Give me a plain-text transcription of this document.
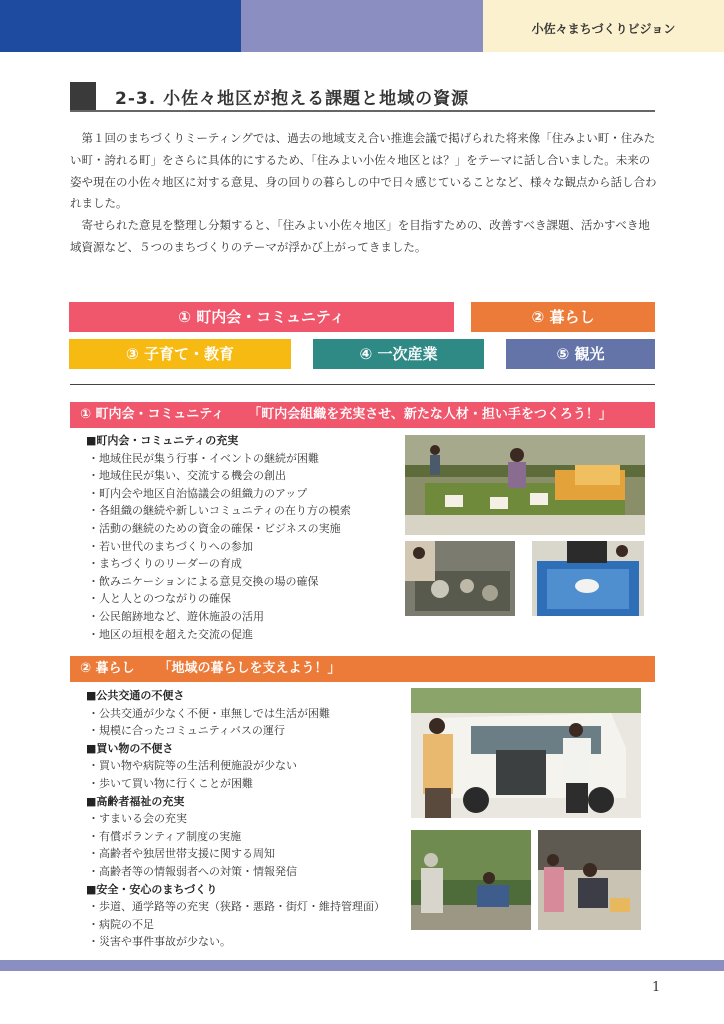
小佐々まちづくりビジョン
2-3. 小佐々地区が抱える課題と地域の資源

第１回のまちづくりミーティングでは、過去の地域支え合い推進会議で掲げられた将来像「住みよい町・住みたい町・誇れる町」をさらに具体的にするため、「住みよい小佐々地区とは？」をテーマに話し合いました。未来の姿や現在の小佐々地区に対する意見、身の回りの暮らしの中で日々感じていることなど、様々な観点から話し合われました。

寄せられた意見を整理し分類すると、「住みよい小佐々地区」を目指すための、改善すべき課題、活かすべき地域資源など、５つのまちづくりのテーマが浮かび上がってきました。

① 町内会・コミュニティ	② 暮らし
③ 子育て・教育	④ 一次産業	⑤ 観光
① 町内会・コミュニティ 「町内会組織を充実させ、新たな人材・担い手をつくろう！」
■町内会・コミュニティの充実
・地域住民が集う行事・イベントの継続が困難
・地域住民が集い、交流する機会の創出
・町内会や地区自治協議会の組織力のアップ
・各組織の継続や新しいコミュニティの在り方の模索
・活動の継続のための資金の確保・ビジネスの実施
・若い世代のまちづくりへの参加
・まちづくりのリーダーの育成
・飲みニケーションによる意見交換の場の確保
・人と人とのつながりの確保
・公民館跡地など、遊休施設の活用
・地区の垣根を超えた交流の促進
② 暮らし 「地域の暮らしを支えよう！」
■公共交通の不便さ
・公共交通が少なく不便・車無しでは生活が困難
・規模に合ったコミュニティバスの運行
■買い物の不便さ
・買い物や病院等の生活利便施設が少ない
・歩いて買い物に行くことが困難
■高齢者福祉の充実
・すまいる会の充実
・有償ボランティア制度の実施
・高齢者や独居世帯支援に関する周知
・高齢者等の情報弱者への対策・情報発信
■安全・安心のまちづくり
・歩道、通学路等の充実（狭路・悪路・街灯・維持管理面）
・病院の不足
・災害や事件事故が少ない。
1
